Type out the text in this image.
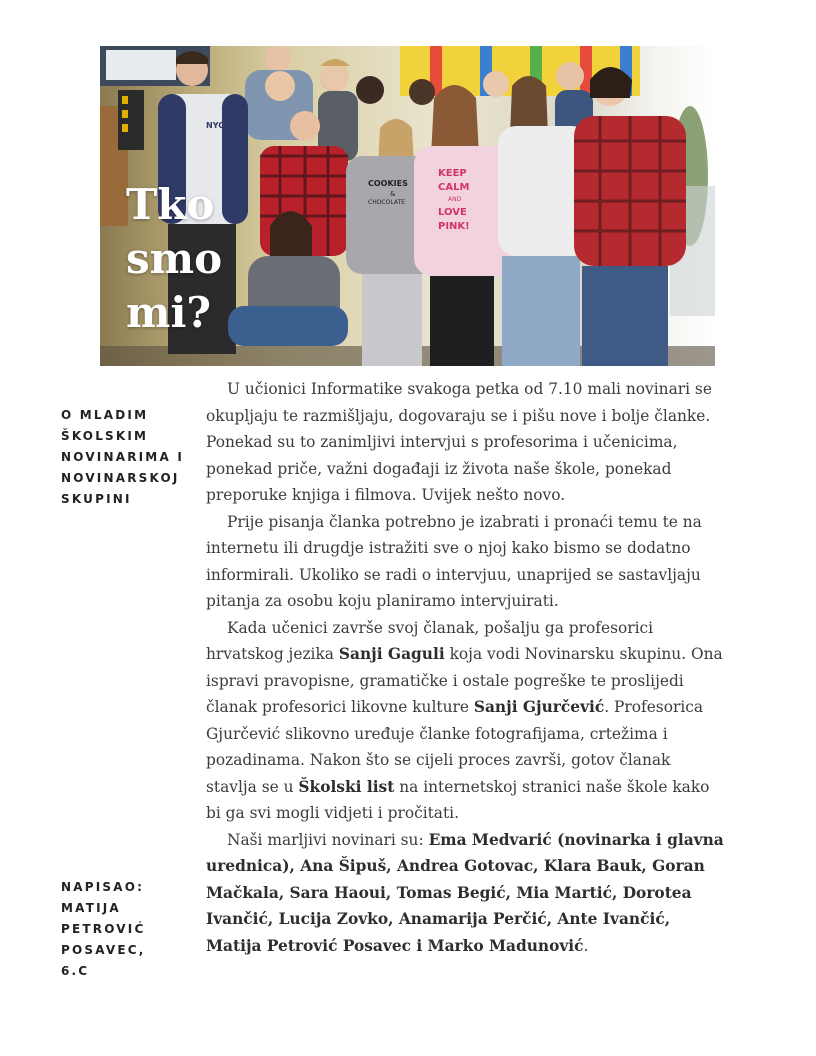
NYC
COOKIES
&
CHOCOLATE
KEEP
CALM
AND
LOVE
PINK!
Tko
smo
mi?
O MLADIM
ŠKOLSKIM
NOVINARIMA I
NOVINARSKOJ
SKUPINI
NAPISAO:
MATIJA
PETROVIĆ
POSAVEC,
6.C

U učionici Informatike svakoga petka od 7.10 mali novinari se okupljaju te razmišljaju, dogovaraju se i pišu nove i bolje članke. Ponekad su to zanimljivi intervjui s profesorima i učenicima, ponekad priče, važni događaji iz života naše škole, ponekad preporuke knjiga i filmova. Uvijek nešto novo.

Prije pisanja članka potrebno je izabrati i pronaći temu te na internetu ili drugdje istražiti sve o njoj kako bismo se dodatno informirali. Ukoliko se radi o intervjuu, unaprijed se sastavljaju pitanja za osobu koju planiramo intervjuirati.

Kada učenici završe svoj članak, pošalju ga profesorici hrvatskog jezika Sanji Gaguli koja vodi Novinarsku skupinu. Ona ispravi pravopisne, gramatičke i ostale pogreške te proslijedi članak profesorici likovne kulture Sanji Gjurčević. Profesorica Gjurčević slikovno uređuje članke fotografijama, crtežima i pozadinama. Nakon što se cijeli proces završi, gotov članak stavlja se u Školski list na internetskoj stranici naše škole kako bi ga svi mogli vidjeti i pročitati.

Naši marljivi novinari su: Ema Medvarić (novinarka i glavna urednica), Ana Šipuš, Andrea Gotovac, Klara Bauk, Goran Mačkala, Sara Haoui, Tomas Begić, Mia Martić, Dorotea Ivančić, Lucija Zovko, Anamarija Perčić, Ante Ivančić, Matija Petrović Posavec i Marko Madunović.
